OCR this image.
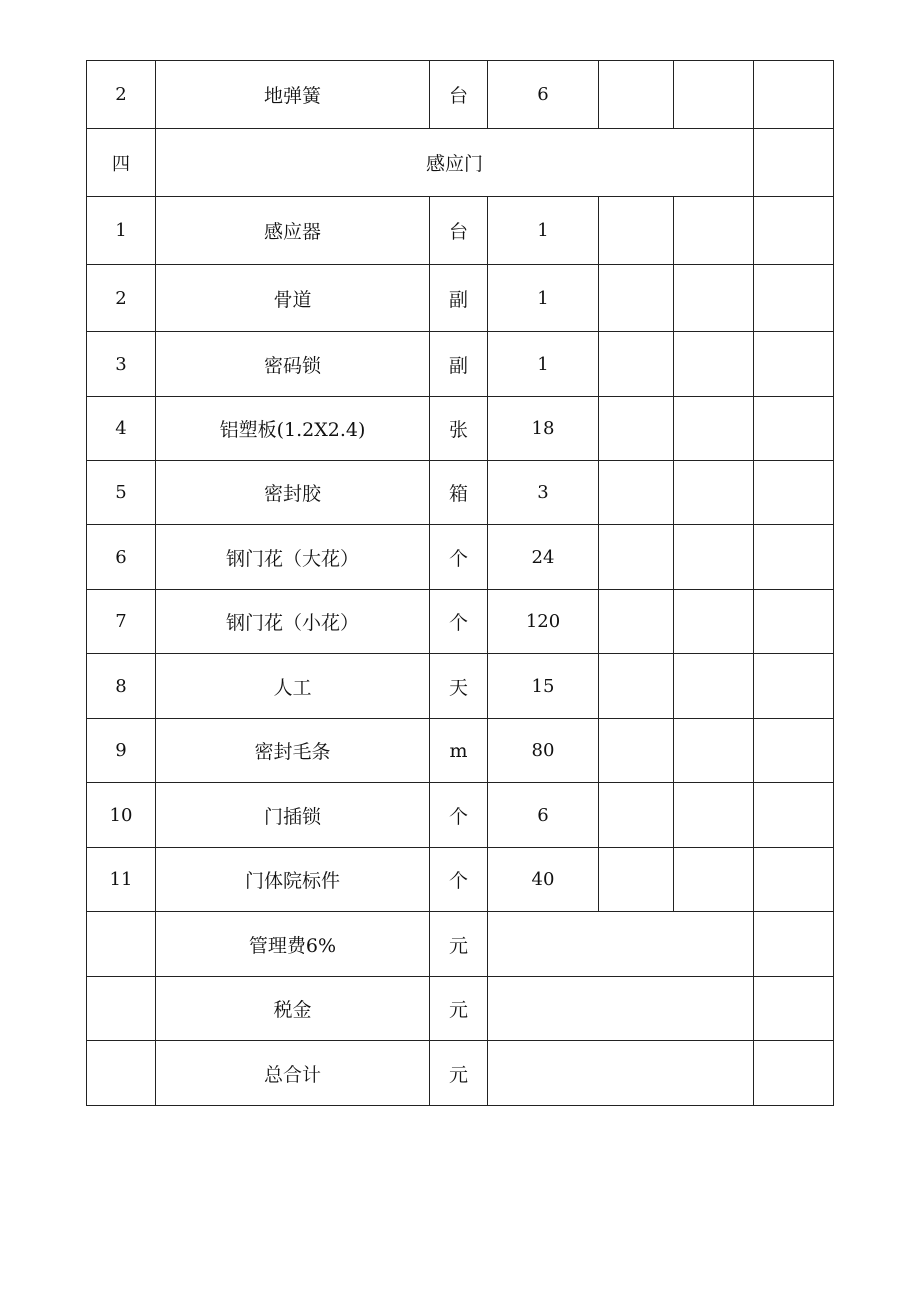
2	地弹簧	台	6			
四	感应门					
1	感应器	台	1			
2	骨道	副	1			
3	密码锁	副	1			
4	铝塑板(1.2X2.4)	张	18			
5	密封胶	箱	3			
6	钢门花（大花）	个	24			
7	钢门花（小花）	个	120			
8	人工	天	15			
9	密封毛条	m	80			
10	门插锁	个	6			
11	门体院标件	个	40			
	管理费6%	元				
	税金	元				
	总合计	元				
